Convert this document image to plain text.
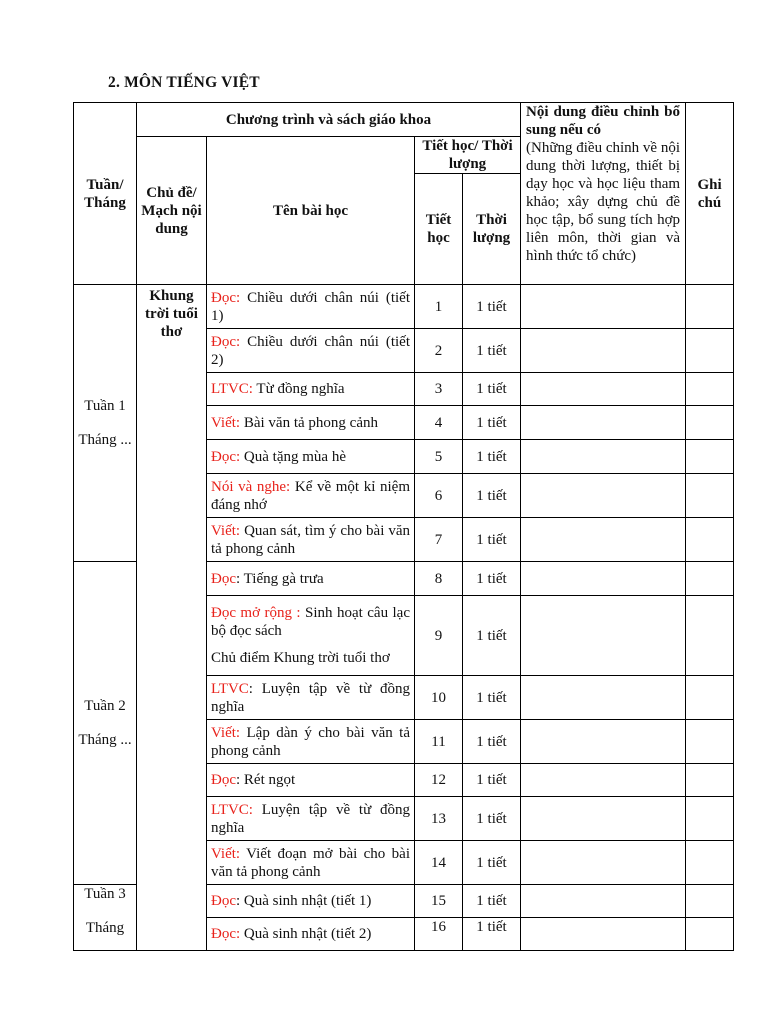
2. MÔN TIẾNG VIỆT
Tuần/ Tháng	Chương trình và sách giáo khoa				Nội dung điều chỉnh bổ sung nếu có
(Những điều chỉnh về nội dung thời lượng, thiết bị dạy học và học liệu tham khảo; xây dựng chủ đề học tập, bổ sung tích hợp liên môn, thời gian và hình thức tổ chức)	Ghi chú
	Chủ đề/ Mạch nội dung	Tên bài học	Tiết học/ Thời lượng			
			Tiết học	Thời lượng		

Tuần 1
Tháng ...	Khung trời tuổi thơ	Đọc: Chiều dưới chân núi (tiết 1)	1	1 tiết		
		Đọc: Chiều dưới chân núi (tiết 2)	2	1 tiết		
		LTVC: Từ đồng nghĩa	3	1 tiết		
		Viết: Bài văn tả phong cảnh	4	1 tiết		
		Đọc: Quà tặng mùa hè	5	1 tiết		
		Nói và nghe: Kể về một kỉ niệm đáng nhớ	6	1 tiết		
		Viết: Quan sát, tìm ý cho bài văn tả phong cảnh	7	1 tiết		

Tuần 2
Tháng ...		Đọc: Tiếng gà trưa	8	1 tiết		
		Đọc mở rộng : Sinh hoạt câu lạc bộ đọc sách
Chủ điểm Khung trời tuổi thơ	9	1 tiết		
		LTVC: Luyện tập về từ đồng nghĩa	10	1 tiết		
		Viết: Lập dàn ý cho bài văn tả phong cảnh	11	1 tiết		
		Đọc: Rét ngọt	12	1 tiết		
		LTVC: Luyện tập về từ đồng nghĩa	13	1 tiết		
		Viết: Viết đoạn mở bài cho bài văn tả phong cảnh	14	1 tiết		

Tuần 3
Tháng		Đọc: Quà sinh nhật (tiết 1)	15	1 tiết		
		Đọc: Quà sinh nhật (tiết 2)	16	1 tiết		
